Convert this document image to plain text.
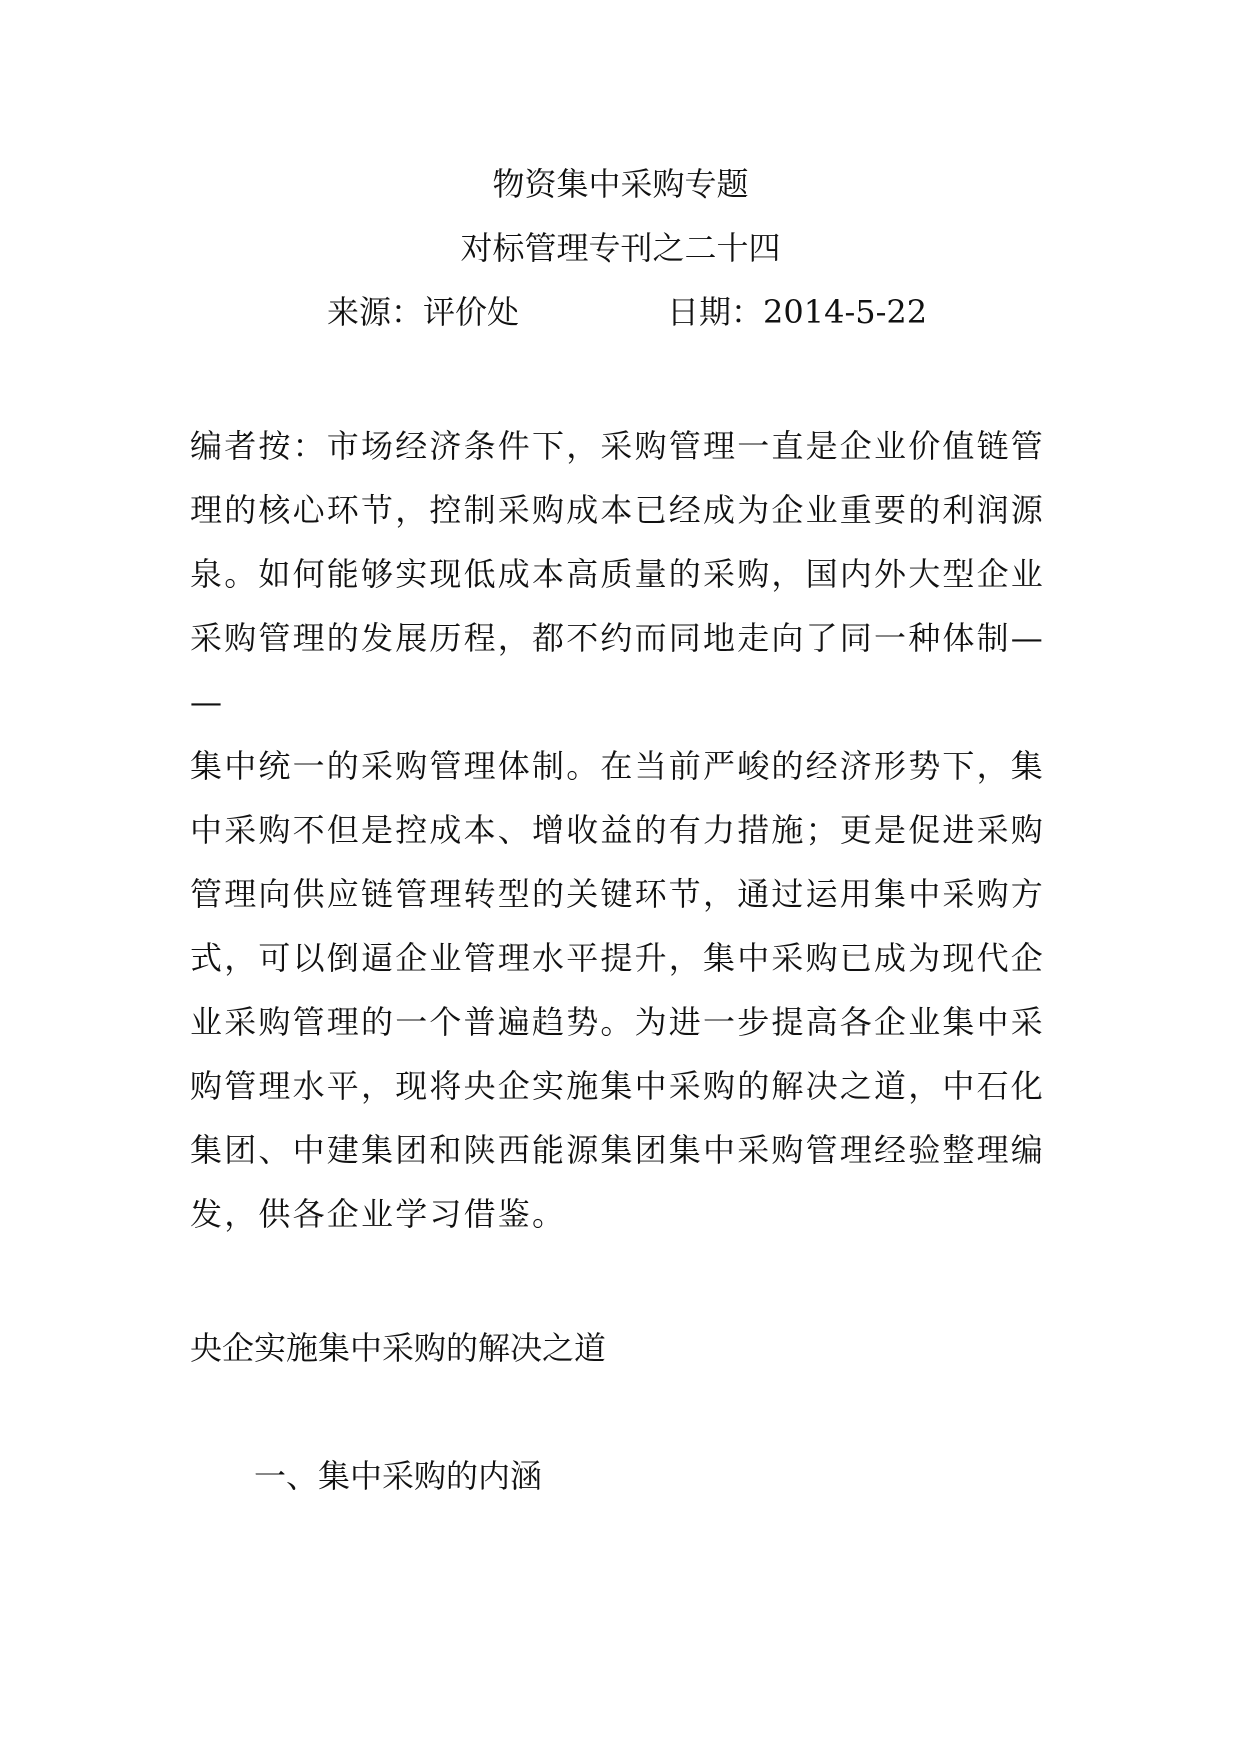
物资集中采购专题
对标管理专刊之二十四
来源：评价处	日期：2014-5-22
编者按：市场经济条件下，采购管理一直是企业价值链管
理的核心环节，控制采购成本已经成为企业重要的利润源
泉。如何能够实现低成本高质量的采购，国内外大型企业
采购管理的发展历程，都不约而同地走向了同一种体制—
—
集中统一的采购管理体制。在当前严峻的经济形势下，集
中采购不但是控成本、增收益的有力措施；更是促进采购
管理向供应链管理转型的关键环节，通过运用集中采购方
式，可以倒逼企业管理水平提升，集中采购已成为现代企
业采购管理的一个普遍趋势。为进一步提高各企业集中采
购管理水平，现将央企实施集中采购的解决之道，中石化
集团、中建集团和陕西能源集团集中采购管理经验整理编
发，供各企业学习借鉴。
央企实施集中采购的解决之道
一、集中采购的内涵
